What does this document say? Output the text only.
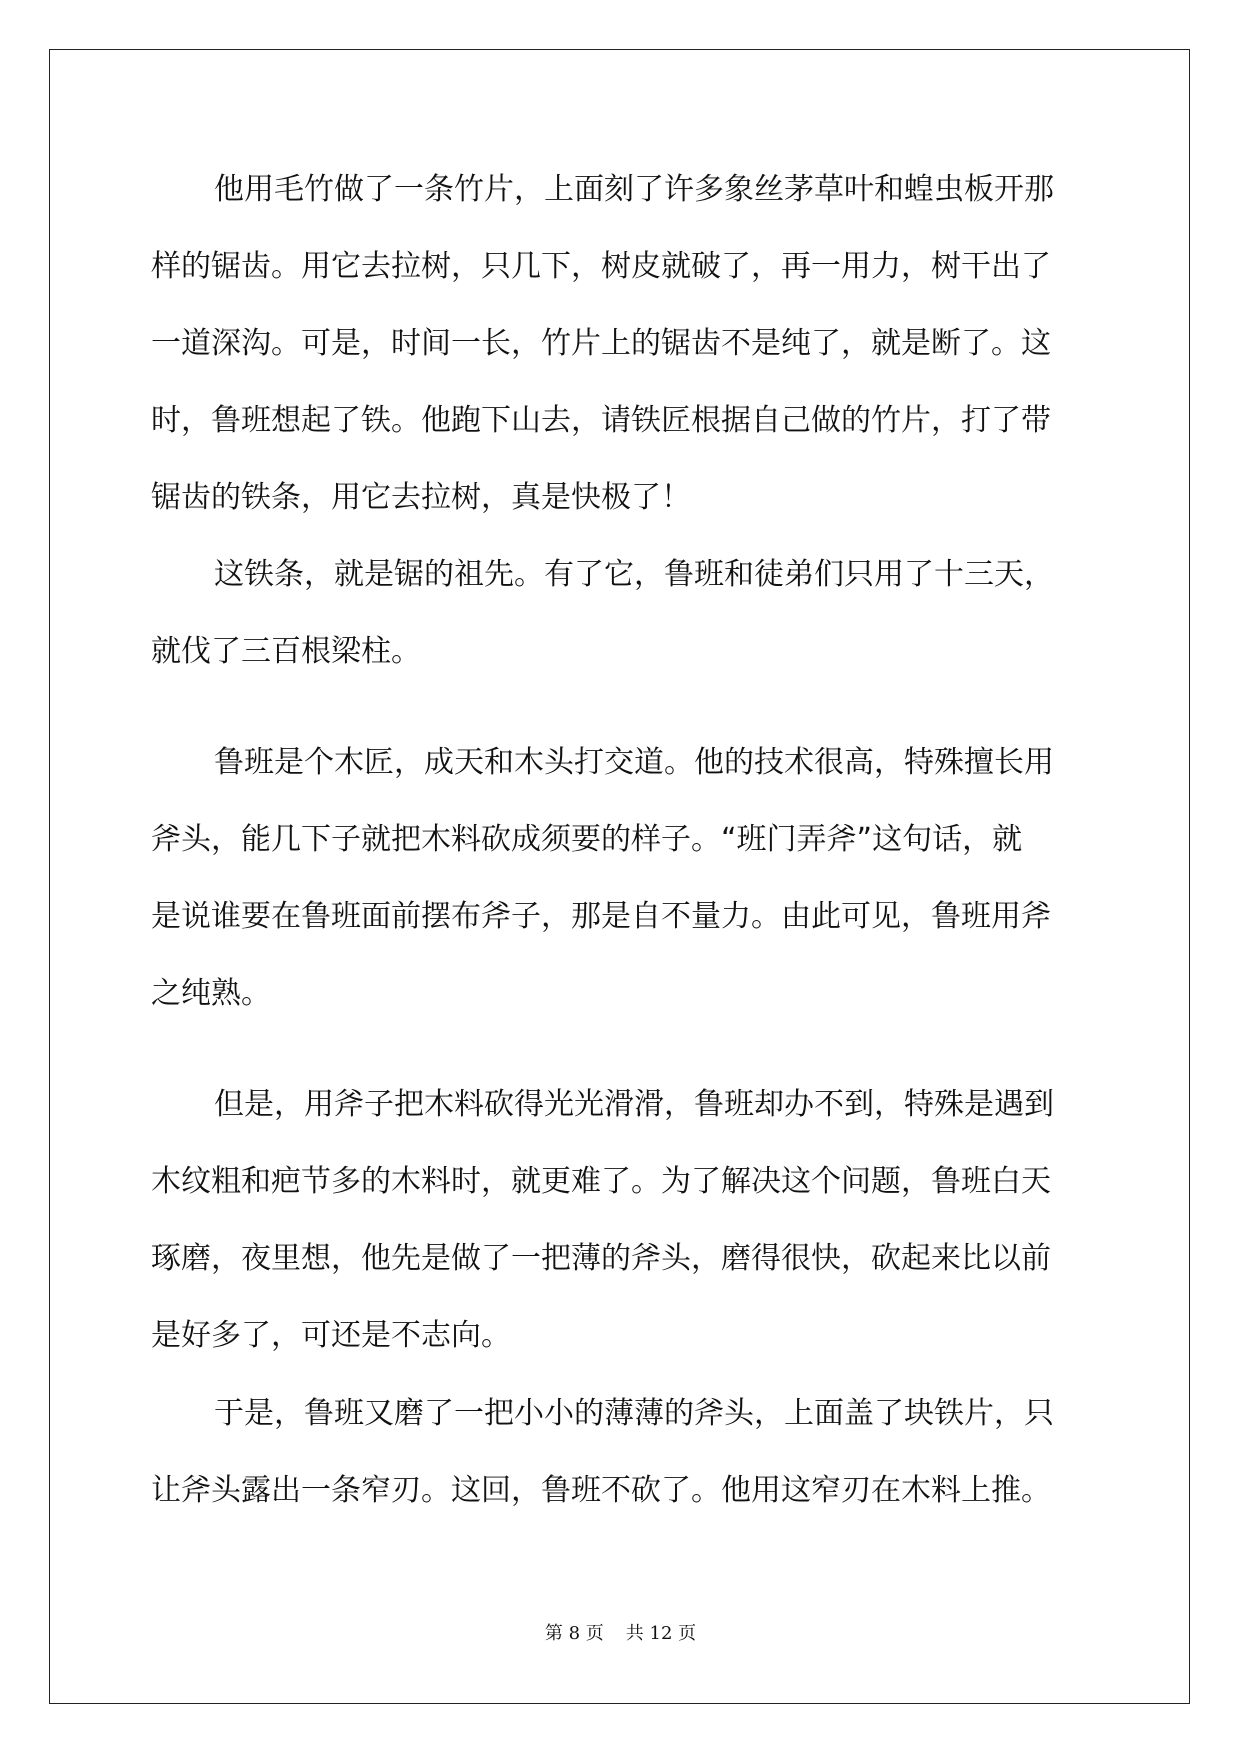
他用毛竹做了一条竹片，上面刻了许多象丝茅草叶和蝗虫板开那
样的锯齿。用它去拉树，只几下，树皮就破了，再一用力，树干出了
一道深沟。可是，时间一长，竹片上的锯齿不是纯了，就是断了。这
时，鲁班想起了铁。他跑下山去，请铁匠根据自己做的竹片，打了带
锯齿的铁条，用它去拉树，真是快极了！
这铁条，就是锯的祖先。有了它，鲁班和徒弟们只用了十三天，
就伐了三百根梁柱。
鲁班是个木匠，成天和木头打交道。他的技术很高，特殊擅长用
斧头，能几下子就把木料砍成须要的样子。“班门弄斧”这句话，就
是说谁要在鲁班面前摆布斧子，那是自不量力。由此可见，鲁班用斧
之纯熟。
但是，用斧子把木料砍得光光滑滑，鲁班却办不到，特殊是遇到
木纹粗和疤节多的木料时，就更难了。为了解决这个问题，鲁班白天
琢磨，夜里想，他先是做了一把薄的斧头，磨得很快，砍起来比以前
是好多了，可还是不志向。
于是，鲁班又磨了一把小小的薄薄的斧头，上面盖了块铁片，只
让斧头露出一条窄刃。这回，鲁班不砍了。他用这窄刃在木料上推。
第 8 页 共 12 页
